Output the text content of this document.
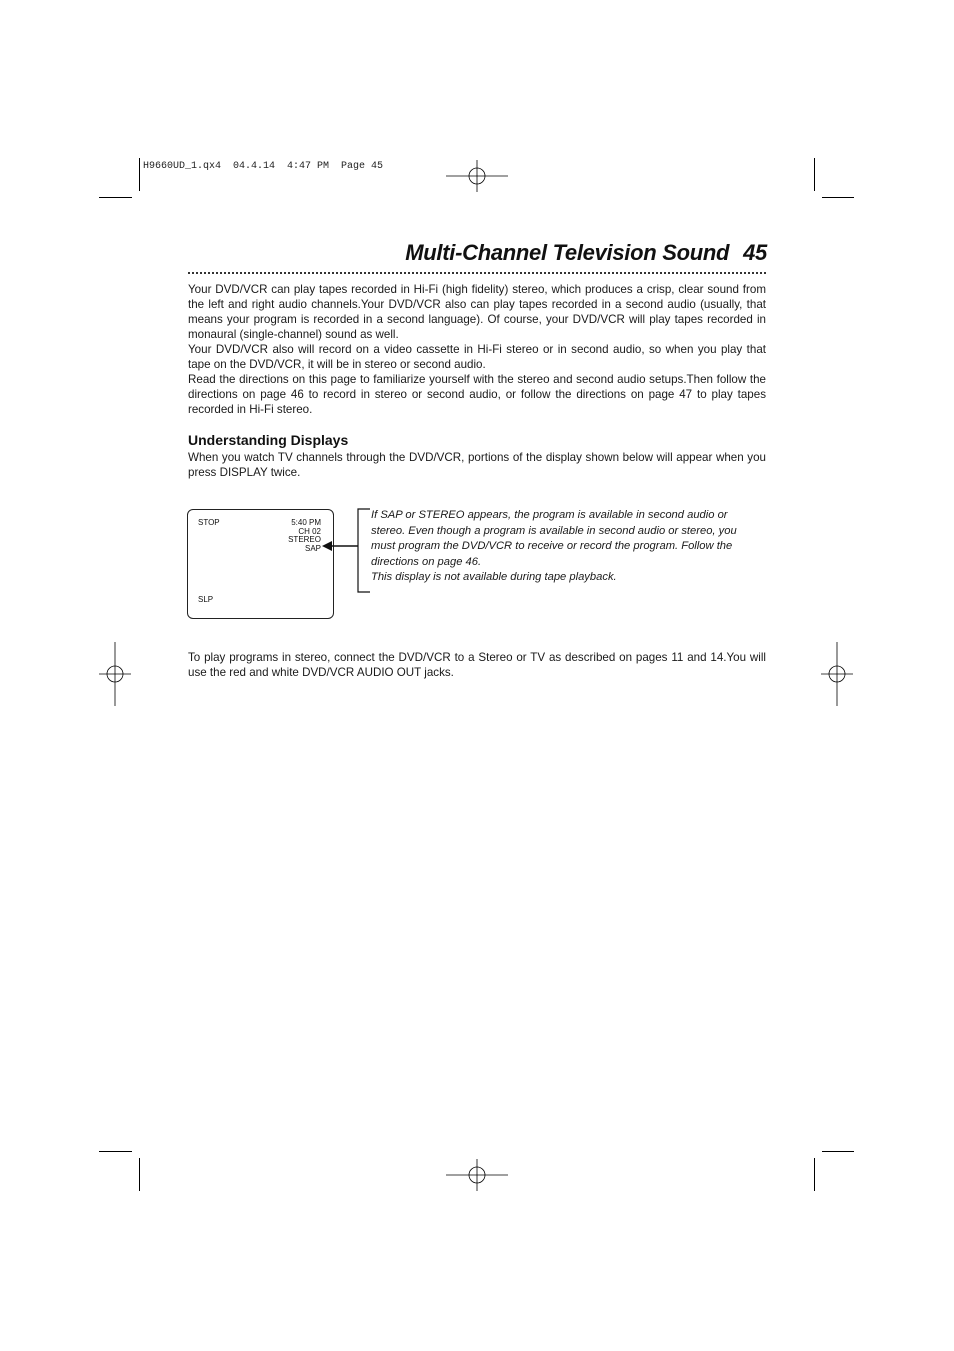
H9660UD_1.qx4  04.4.14  4:47 PM  Page 45
Multi-Channel Television Sound 45

Your DVD/VCR can play tapes recorded in Hi-Fi (high fidelity) stereo, which produces a crisp, clear sound from the left and right audio channels.Your DVD/VCR also can play tapes recorded in a second audio (usually, that means your program is recorded in a second language). Of course, your DVD/VCR will play tapes recorded in monaural (single-channel) sound as well.

Your DVD/VCR also will record on a video cassette in Hi-Fi stereo or in second audio, so when you play that tape on the DVD/VCR, it will be in stereo or second audio.

Read the directions on this page to familiarize yourself with the stereo and second audio setups.Then follow the directions on page 46 to record in stereo or second audio, or follow the directions on page 47 to play tapes recorded in Hi-Fi stereo.

Understanding Displays

When you watch TV channels through the DVD/VCR, portions of the display shown below will appear when you press DISPLAY twice.

STOP	5:40 PM
CH 02
STEREO
SAP
SLP

If SAP or STEREO appears, the program is available in second audio or stereo. Even though a program is available in second audio or stereo, you must program the DVD/VCR to receive or record the program. Follow the directions on page 46.

This display is not available during tape playback.

To play programs in stereo, connect the DVD/VCR to a Stereo or TV as described on pages 11 and 14.You will use the red and white DVD/VCR AUDIO OUT jacks.
